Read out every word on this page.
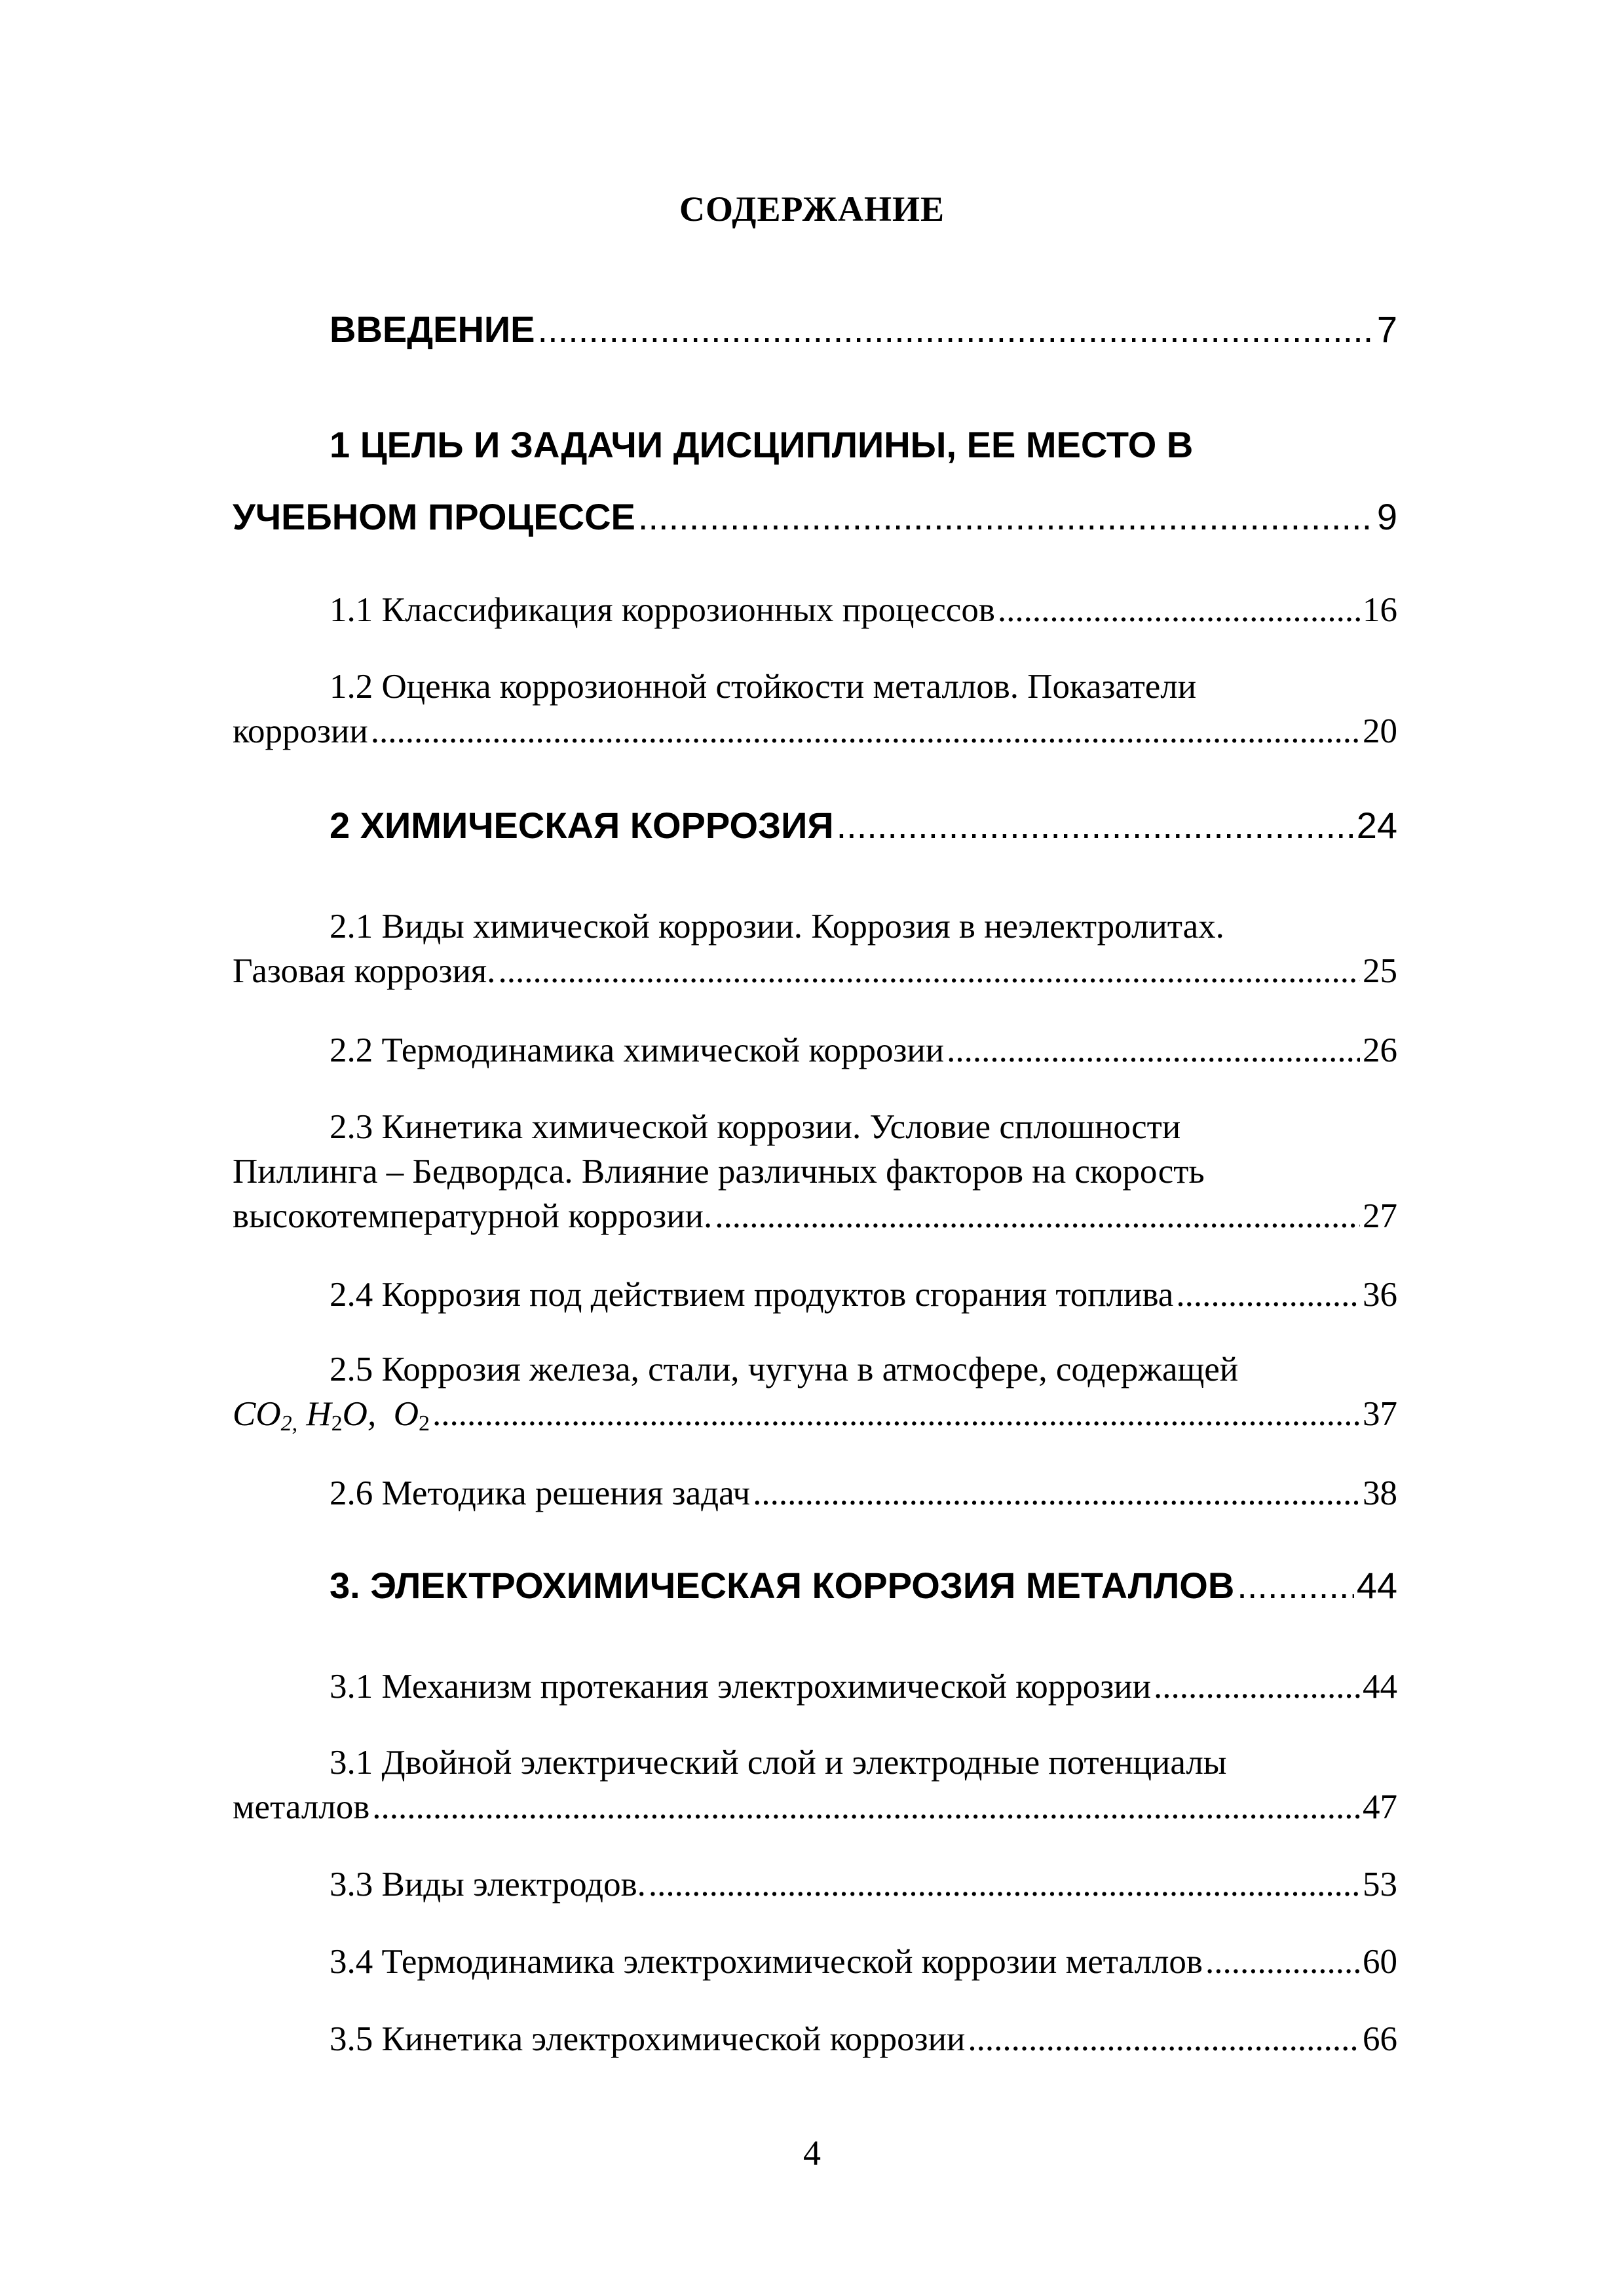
СОДЕРЖАНИЕ
ВВЕДЕНИЕ .....	7
1 ЦЕЛЬ И ЗАДАЧИ ДИСЦИПЛИНЫ, ЕЕ МЕСТО В
УЧЕБНОМ ПРОЦЕССЕ .....	9
1.1 Классификация коррозионных процессов .....	16
1.2 Оценка коррозионной стойкости металлов. Показатели
коррозии .....	20
2 ХИМИЧЕСКАЯ КОРРОЗИЯ .....	24
2.1 Виды химической коррозии. Коррозия в неэлектролитах.
Газовая коррозия. .....	25
2.2 Термодинамика химической коррозии .....	26
2.3 Кинетика химической коррозии. Условие сплошности
Пиллинга – Бедвордса. Влияние различных факторов на скорость
высокотемпературной коррозии. .....	27
2.4 Коррозия под действием продуктов сгорания топлива .....	36
2.5 Коррозия железа, стали, чугуна в атмосфере, содержащей
$CO_{2,}$ $H_2O$, $O_2$ .....	37
2.6 Методика решения задач .....	38
3. ЭЛЕКТРОХИМИЧЕСКАЯ КОРРОЗИЯ МЕТАЛЛОВ .....	44
3.1 Механизм протекания электрохимической коррозии .....	44
3.1 Двойной электрический слой и электродные потенциалы
металлов .....	47
3.3 Виды электродов. .....	53
3.4 Термодинамика электрохимической коррозии металлов .....	60
3.5 Кинетика электрохимической коррозии .....	66
4
